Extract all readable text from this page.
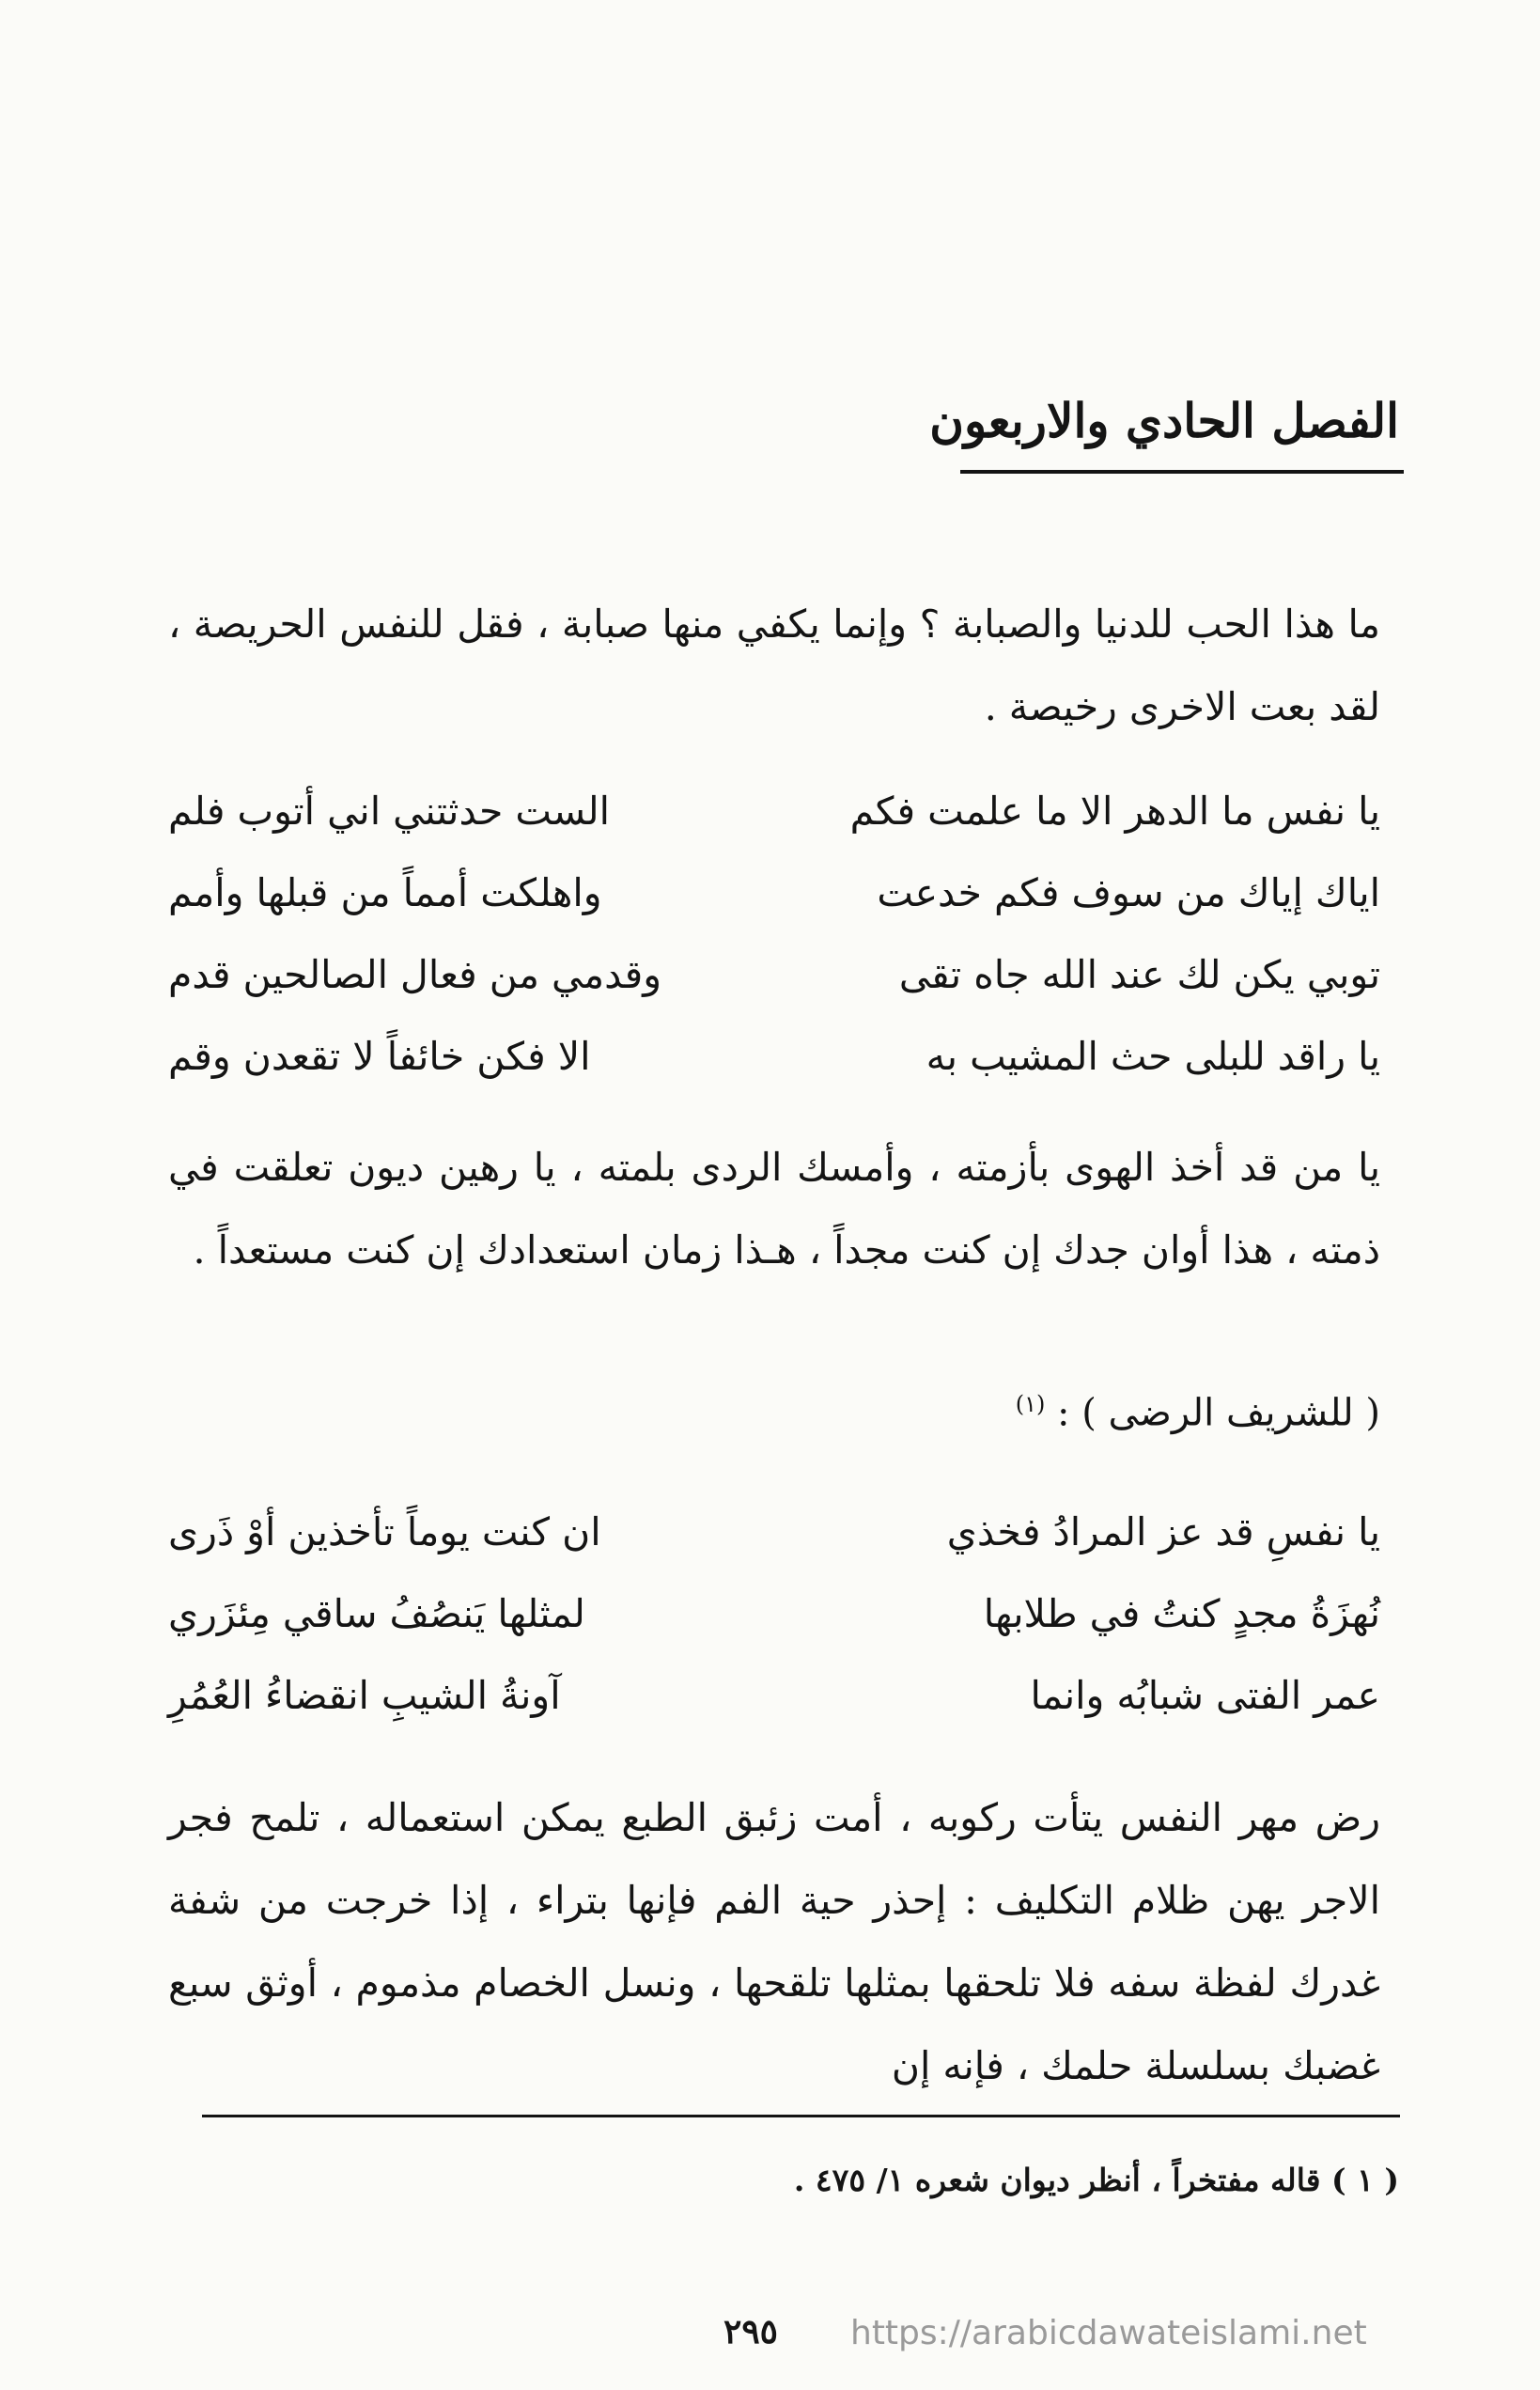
الفصل الحادي والاربعون
ما هذا الحب للدنيا والصبابة ؟ وإنما يكفي منها صبابة ، فقل للنفس الحريصة ، لقد بعت الاخرى رخيصة .
يا نفس ما الدهر الا ما علمت فكم
الست حدثتني اني أتوب فلم
اياك إياك من سوف فكم خدعت
واهلكت أمماً من قبلها وأمم
توبي يكن لك عند الله جاه تقى
وقدمي من فعال الصالحين قدم
يا راقد للبلى حث المشيب به
الا فكن خائفاً لا تقعدن وقم
يا من قد أخذ الهوى بأزمته ، وأمسك الردى بلمته ، يا رهين ديون تعلقت في ذمته ، هذا أوان جدك إن كنت مجداً ، هـذا زمان استعدادك إن كنت مستعداً .
( للشريف الرضى ) : $^{(١)}$
يا نفسِ قد عز المرادُ فخذي
ان كنت يوماً تأخذين أوْ ذَرى
نُهزَةُ مجدٍ كنتُ في طلابها
لمثلها يَنصُفُ ساقي مِئزَري
عمر الفتى شبابُه وانما
آونةُ الشيبِ انقضاءُ العُمُرِ
رض مهر النفس يتأت ركوبه ، أمت زئبق الطبع يمكن استعماله ، تلمح فجر الاجر يهن ظلام التكليف : إحذر حية الفم فإنها بتراء ، إذا خرجت من شفة غدرك لفظة سفه فلا تلحقها بمثلها تلقحها ، ونسل الخصام مذموم ، أوثق سبع غضبك بسلسلة حلمك ، فإنه إن
( ١ ) قاله مفتخراً ، أنظر ديوان شعره ١/ ٤٧٥ .
٢٩٥ https://arabicdawateislami.net
